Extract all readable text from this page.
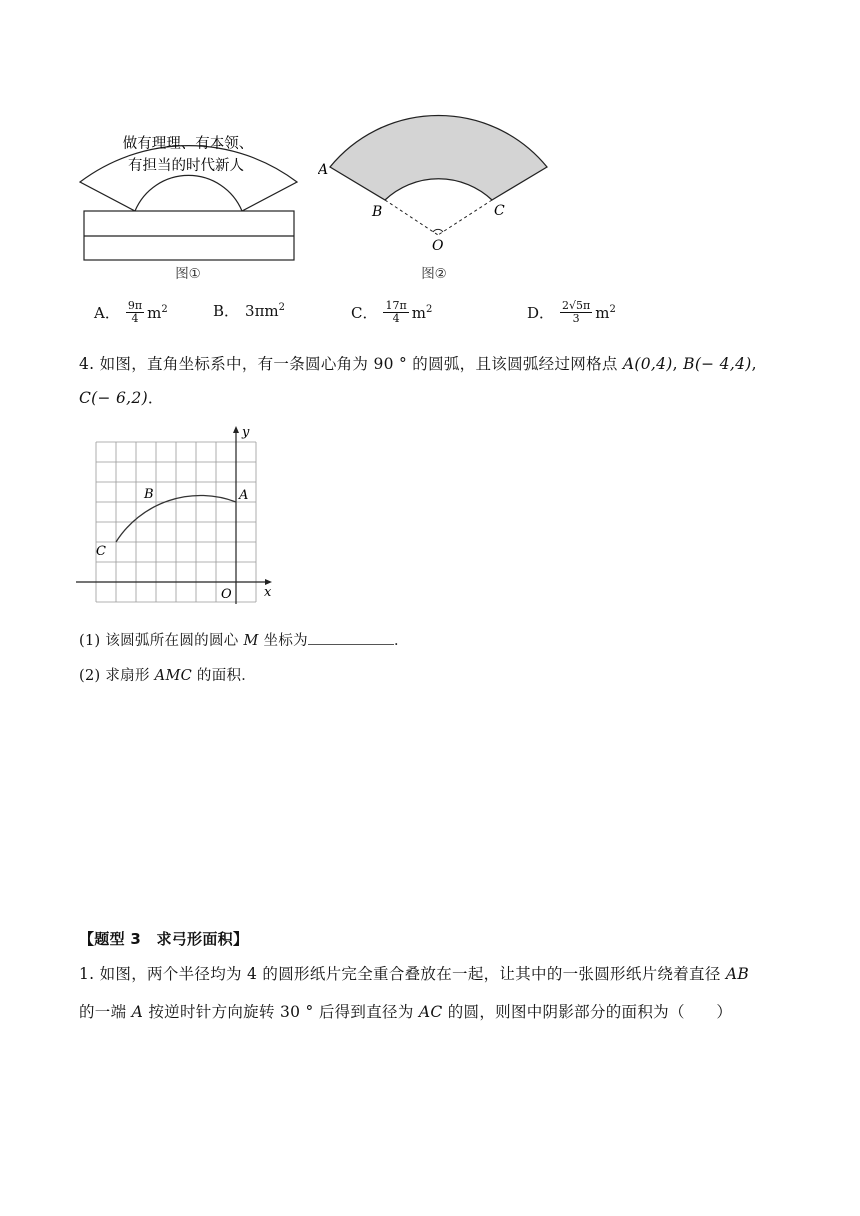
做有理理、有本领、
有担当的时代新人
图①
A
B	C
O
图②
A． $\frac{9\pi}{4} m^2$	B． $3\pi m^2$	C． $\frac{17\pi}{4} m^2$	D． $\frac{2√5\pi}{3} m^2$
4. 如图，直角坐标系中，有一条圆心角为 90 ° 的圆弧，且该圆弧经过网格点 A(0,4), B(− 4,4),
C(− 6,2)．
y
x
O
A
B
C
(1) 该圆弧所在圆的圆心 M 坐标为	．
(2) 求扇形 AMC 的面积．
【题型 3　求弓形面积】
1. 如图，两个半径均为 4 的圆形纸片完全重合叠放在一起，让其中的一张圆形纸片绕着直径 AB
的一端 A 按逆时针方向旋转 30 ° 后得到直径为 AC 的圆，则图中阴影部分的面积为（　　）
